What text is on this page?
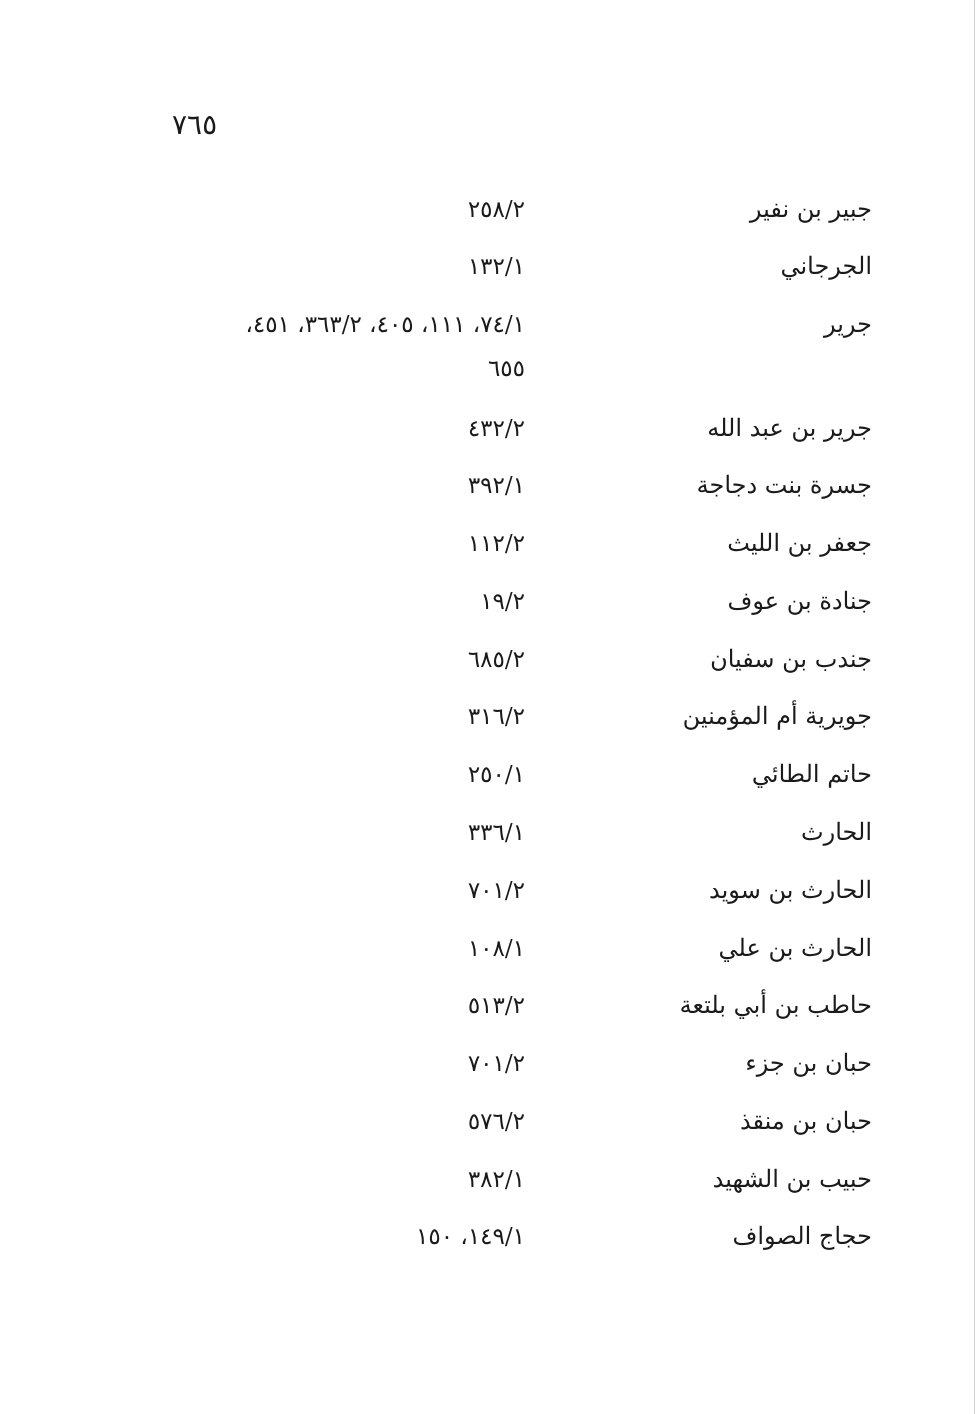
٧٦٥
جبير بن نفير
٢٥٨/٢
الجرجاني
١٣٢/١
جرير
٧٤/١، ١١١، ٤٠٥، ٣٦٣/٢، ٤٥١،
٦٥٥
جرير بن عبد الله
٤٣٢/٢
جسرة بنت دجاجة
٣٩٢/١
جعفر بن الليث
١١٢/٢
جنادة بن عوف
١٩/٢
جندب بن سفيان
٦٨٥/٢
جويرية أم المؤمنين
٣١٦/٢
حاتم الطائي
٢٥٠/١
الحارث
٣٣٦/١
الحارث بن سويد
٧٠١/٢
الحارث بن علي
١٠٨/١
حاطب بن أبي بلتعة
٥١٣/٢
حبان بن جزء
٧٠١/٢
حبان بن منقذ
٥٧٦/٢
حبيب بن الشهيد
٣٨٢/١
حجاج الصواف
١٤٩/١، ١٥٠
